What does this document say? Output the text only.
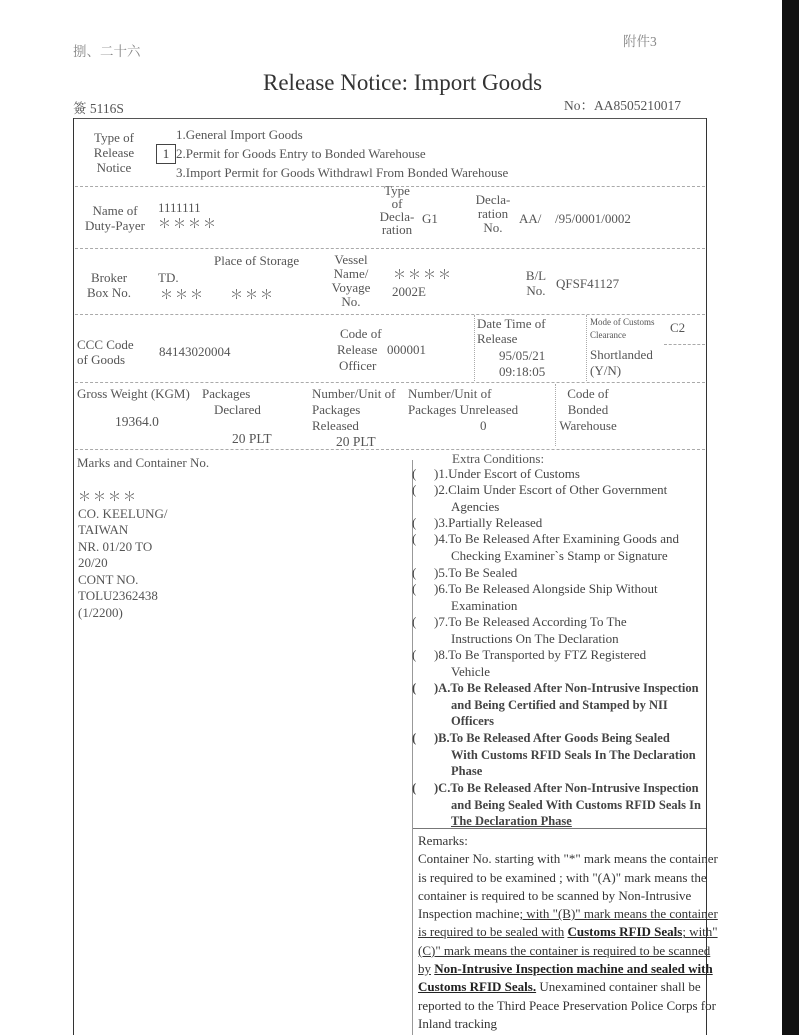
捌、二十六
附件3
Release Notice: Import Goods
簽 5116S	No：AA8505210017
Type of
Release
Notice
1
1.General Import Goods
2.Permit for Goods Entry to Bonded Warehouse
3.Import Permit for Goods Withdrawl From Bonded Warehouse
Name of
Duty-Payer
1111111
＊＊＊＊
Type
of
Decla-
ration
G1
Decla-
ration
No.
AA/ /95/0001/0002
Place of Storage
Broker
Box No.
TD.
＊＊＊ ＊＊＊
Vessel
Name/
Voyage
No.
＊＊＊＊
2002E
B/L
No. QFSF41127
CCC Code
of Goods
84143020004
Code of
Release
Officer
000001
Date Time of
Release
95/05/21
09:18:05
Mode of Customs
Clearance	C2
Shortlanded
(Y/N)
Gross Weight (KGM)
19364.0
Packages
Declared
20 PLT
Number/Unit of
Packages
Released
20 PLT
Number/Unit of
Packages Unreleased
0
Code of
Bonded
Warehouse
Marks and Container No.
＊＊＊＊
CO. KEELUNG/
TAIWAN
NR. 01/20 TO
20/20
CONT NO.
TOLU2362438
(1/2200)
Extra Conditions:
( )1.Under Escort of Customs
( )2.Claim Under Escort of Other Government
Agencies
( )3.Partially Released
( )4.To Be Released After Examining Goods and
Checking Examiner`s Stamp or Signature
( )5.To Be Sealed
( )6.To Be Released Alongside Ship Without
Examination
( )7.To Be Released According To The
Instructions On The Declaration
( )8.To Be Transported by FTZ Registered
Vehicle
( )A.To Be Released After Non-Intrusive Inspection
and Being Certified and Stamped by NII
Officers
( )B.To Be Released After Goods Being Sealed
With Customs RFID Seals In The Declaration
Phase
( )C.To Be Released After Non-Intrusive Inspection
and Being Sealed With Customs RFID Seals In
The Declaration Phase

Remarks:

Container No. starting with "*" mark means the container is required to be examined ; with "(A)" mark means the container is required to be scanned by Non-Intrusive Inspection machine; with "(B)" mark means the container is required to be sealed with Customs RFID Seals; with"(C)" mark means the container is required to be scanned by Non-Intrusive Inspection machine and sealed with Customs RFID Seals. Unexamined container shall be reported to the Third Peace Preservation Police Corps for Inland tracking
